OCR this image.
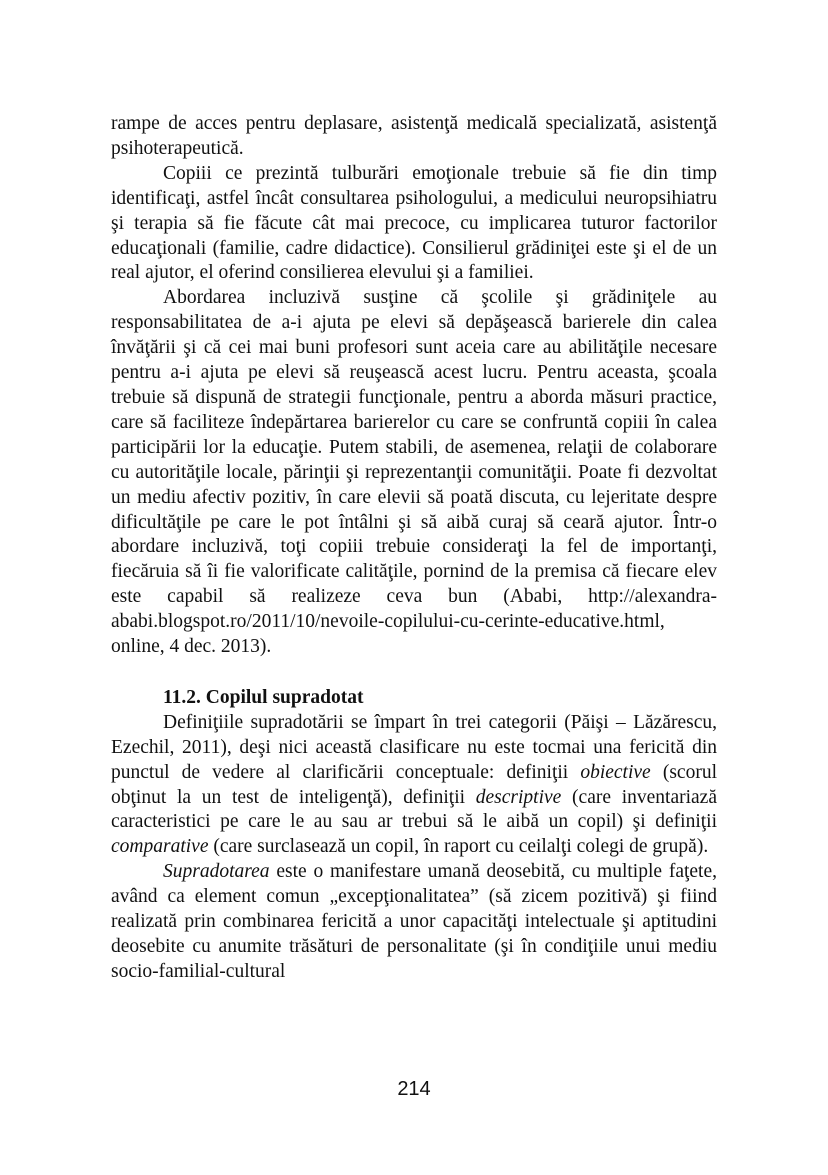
rampe de acces pentru deplasare, asistenţă medicală specializată, asistenţă psihoterapeutică.

Copiii ce prezintă tulburări emoţionale trebuie să fie din timp identificaţi, astfel încât consultarea psihologului, a medicului neuropsihiatru şi terapia să fie făcute cât mai precoce, cu implicarea tuturor factorilor educaţionali (familie, cadre didactice). Consilierul grădiniţei este şi el de un real ajutor, el oferind consilierea elevului şi a familiei.

Abordarea incluzivă susţine că şcolile şi grădiniţele au responsabilitatea de a-i ajuta pe elevi să depăşească barierele din calea învăţării şi că cei mai buni profesori sunt aceia care au abilităţile necesare pentru a-i ajuta pe elevi să reuşească acest lucru. Pentru aceasta, şcoala trebuie să dispună de strategii funcţionale, pentru a aborda măsuri practice, care să faciliteze îndepărtarea barierelor cu care se confruntă copiii în calea participării lor la educaţie. Putem stabili, de asemenea, relaţii de colaborare cu autorităţile locale, părinţii şi reprezentanţii comunităţii. Poate fi dezvoltat un mediu afectiv pozitiv, în care elevii să poată discuta, cu lejeritate despre dificultăţile pe care le pot întâlni şi să aibă curaj să ceară ajutor. Într-o abordare incluzivă, toţi copiii trebuie consideraţi la fel de importanţi, fiecăruia să îi fie valorificate calităţile, pornind de la premisa că fiecare elev este capabil să realizeze ceva bun (Ababi, http://alexandra-ababi.blogspot.ro/2011/10/nevoile-copilului-cu-cerinte-educative.html, online, 4 dec. 2013).

11.2. Copilul supradotat

Definiţiile supradotării se împart în trei categorii (Păişi – Lăzărescu, Ezechil, 2011), deşi nici această clasificare nu este tocmai una fericită din punctul de vedere al clarificării conceptuale: definiţii obiective (scorul obţinut la un test de inteligenţă), definiţii descriptive (care inventariază caracteristici pe care le au sau ar trebui să le aibă un copil) şi definiţii comparative (care surclasează un copil, în raport cu ceilalţi colegi de grupă).

Supradotarea este o manifestare umană deosebită, cu multiple faţete, având ca element comun „excepţionalitatea” (să zicem pozitivă) şi fiind realizată prin combinarea fericită a unor capacităţi intelectuale şi aptitudini deosebite cu anumite trăsături de personalitate (şi în condiţiile unui mediu socio-familial-cultural

214
